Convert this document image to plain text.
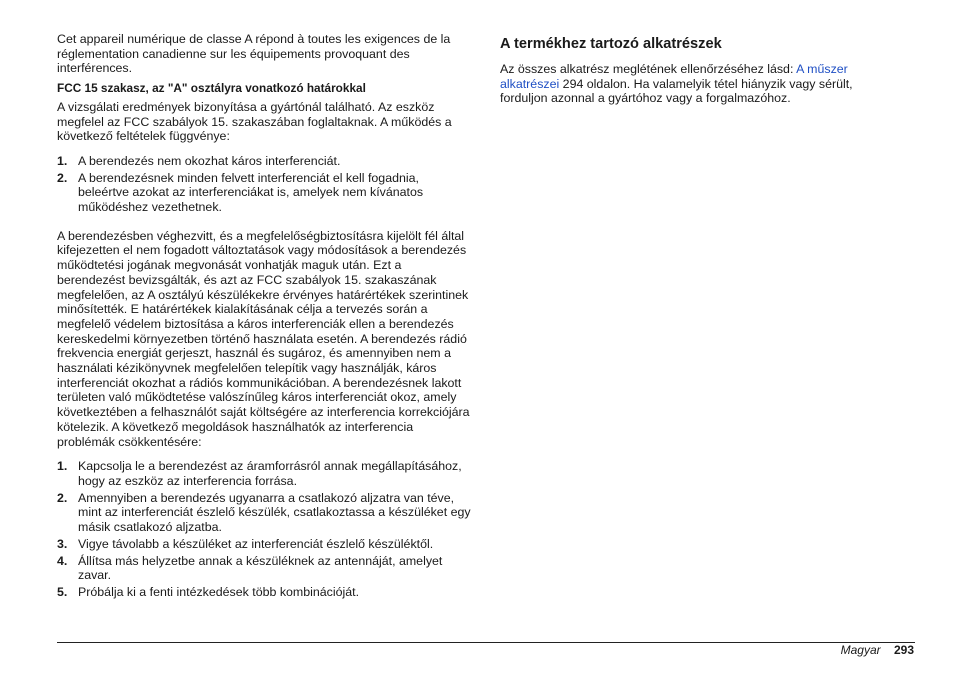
Cet appareil numérique de classe A répond à toutes les exigences de la réglementation canadienne sur les équipements provoquant des interférences.

FCC 15 szakasz, az "A" osztályra vonatkozó határokkal

A vizsgálati eredmények bizonyítása a gyártónál található. Az eszköz megfelel az FCC szabályok 15. szakaszában foglaltaknak. A működés a következő feltételek függvénye:

1. A berendezés nem okozhat káros interferenciát.
2. A berendezésnek minden felvett interferenciát el kell fogadnia, beleértve azokat az interferenciákat is, amelyek nem kívánatos működéshez vezethetnek.

A berendezésben véghezvitt, és a megfelelőségbiztosításra kijelölt fél által kifejezetten el nem fogadott változtatások vagy módosítások a berendezés működtetési jogának megvonását vonhatják maguk után. Ezt a berendezést bevizsgálták, és azt az FCC szabályok 15. szakaszának megfelelően, az A osztályú készülékekre érvényes határértékek szerintinek minősítették. E határértékek kialakításának célja a tervezés során a megfelelő védelem biztosítása a káros interferenciák ellen a berendezés kereskedelmi környezetben történő használata esetén. A berendezés rádió frekvencia energiát gerjeszt, használ és sugároz, és amennyiben nem a használati kézikönyvnek megfelelően telepítik vagy használják, káros interferenciát okozhat a rádiós kommunikációban. A berendezésnek lakott területen való működtetése valószínűleg káros interferenciát okoz, amely következtében a felhasználót saját költségére az interferencia korrekciójára kötelezik. A következő megoldások használhatók az interferencia problémák csökkentésére:

1. Kapcsolja le a berendezést az áramforrásról annak megállapításához, hogy az eszköz az interferencia forrása.
2. Amennyiben a berendezés ugyanarra a csatlakozó aljzatra van téve, mint az interferenciát észlelő készülék, csatlakoztassa a készüléket egy másik csatlakozó aljzatba.
3. Vigye távolabb a készüléket az interferenciát észlelő készüléktől.
4. Állítsa más helyzetbe annak a készüléknek az antennáját, amelyet zavar.
5. Próbálja ki a fenti intézkedések több kombinációját.
A termékhez tartozó alkatrészek

Az összes alkatrész meglétének ellenőrzéséhez lásd: A műszer alkatrészei 294 oldalon. Ha valamelyik tétel hiányzik vagy sérült, forduljon azonnal a gyártóhoz vagy a forgalmazóhoz.

Magyar 293
